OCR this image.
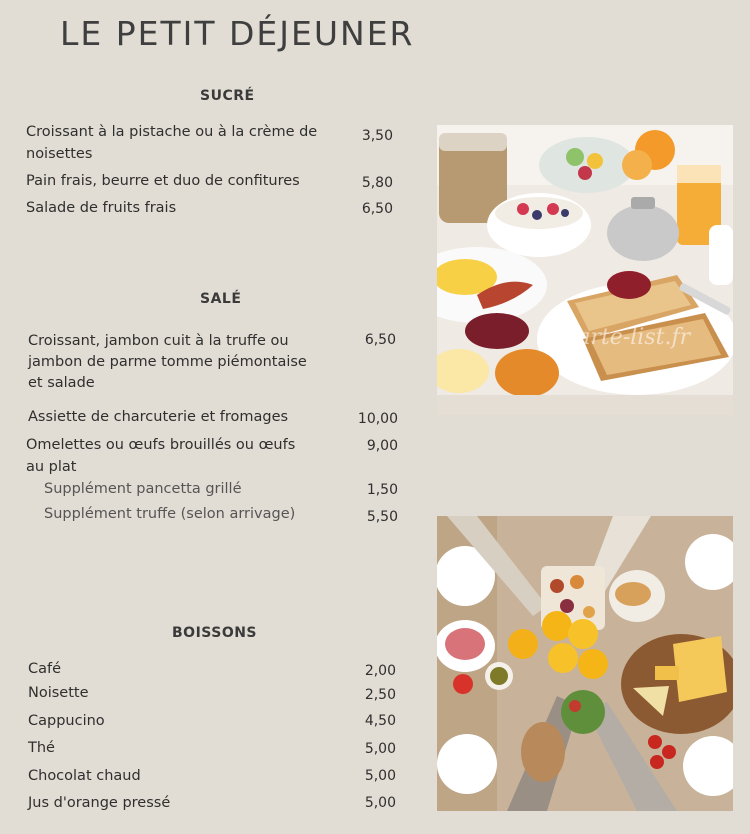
LE PETIT DÉJEUNER
SUCRÉ
Croissant à la pistache ou à la crème de
noisettes
3,50
Pain frais, beurre et duo de confitures	5,80
Salade de fruits frais	6,50
SALÉ
Croissant, jambon cuit à la truffe ou
jambon de parme tomme piémontaise
et salade
6,50
Assiette de charcuterie et fromages	10,00
Omelettes ou œufs brouillés ou œufs
au plat
9,00
Supplément pancetta grillé	1,50
Supplément truffe (selon arrivage)	5,50
BOISSONS
Café	2,00
Noisette	2,50
Cappucino	4,50
Thé	5,00
Chocolat chaud	5,00
Jus d'orange pressé	5,00
carte-list.fr
